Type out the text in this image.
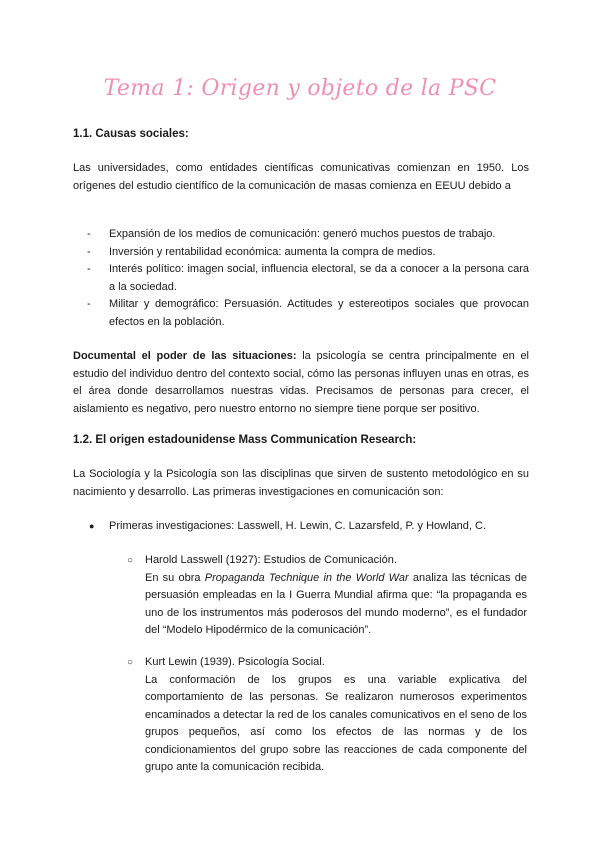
Tema 1: Origen y objeto de la PSC
1.1. Causas sociales:
Las universidades, como entidades científicas comunicativas comienzan en 1950. Los orígenes del estudio científico de la comunicación de masas comienza en EEUU debido a
- Expansión de los medios de comunicación: generó muchos puestos de trabajo.
- Inversión y rentabilidad económica: aumenta la compra de medios.
- Interés político: imagen social, influencia electoral, se da a conocer a la persona cara a la sociedad.
- Militar y demográfico: Persuasión. Actitudes y estereotipos sociales que provocan efectos en la población.
Documental el poder de las situaciones: la psicología se centra principalmente en el estudio del individuo dentro del contexto social, cómo las personas influyen unas en otras, es el área donde desarrollamos nuestras vidas. Precisamos de personas para crecer, el aislamiento es negativo, pero nuestro entorno no siempre tiene porque ser positivo.
1.2. El origen estadounidense Mass Communication Research:
La Sociología y la Psicología son las disciplinas que sirven de sustento metodológico en su nacimiento y desarrollo. Las primeras investigaciones en comunicación son:
● Primeras investigaciones: Lasswell, H. Lewin, C. Lazarsfeld, P. y Howland, C.
○ Harold Lasswell (1927): Estudios de Comunicación.
En su obra Propaganda Technique in the World War analiza las técnicas de persuasión empleadas en la I Guerra Mundial afirma que: “la propaganda es uno de los instrumentos más poderosos del mundo moderno”, es el fundador del “Modelo Hipodérmico de la comunicación”.
○ Kurt Lewin (1939). Psicología Social.
La conformación de los grupos es una variable explicativa del comportamiento de las personas. Se realizaron numerosos experimentos encaminados a detectar la red de los canales comunicativos en el seno de los grupos pequeños, así como los efectos de las normas y de los condicionamientos del grupo sobre las reacciones de cada componente del grupo ante la comunicación recibida.
